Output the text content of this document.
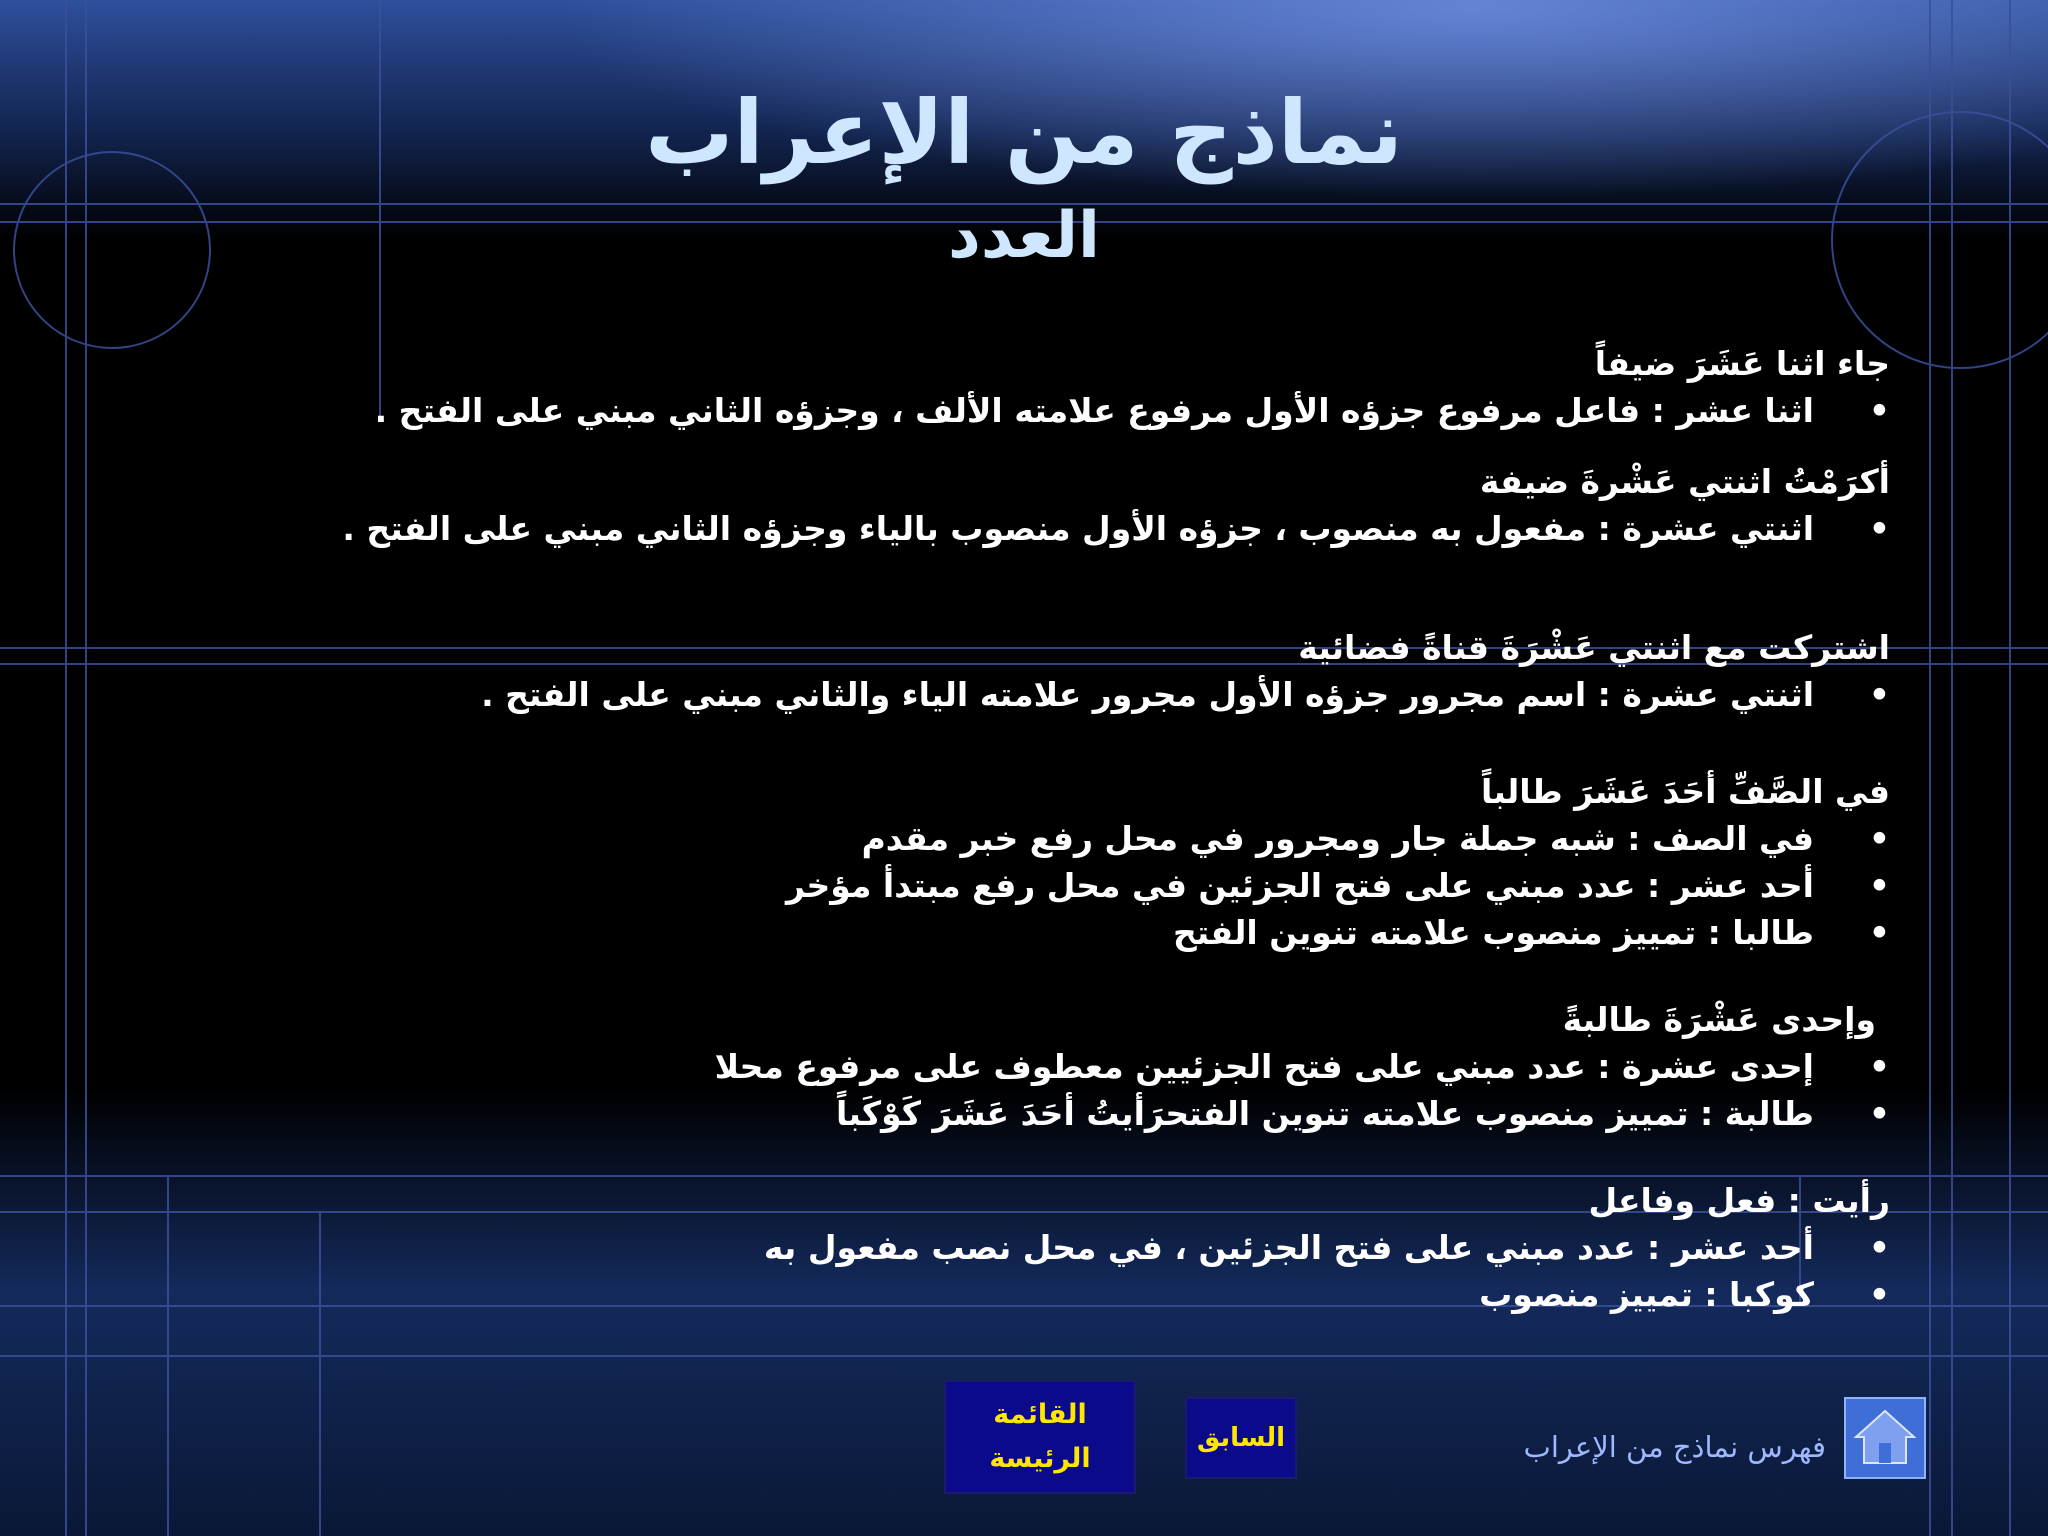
نماذج من الإعراب
العدد

جاء اثنا عَشَرَ ضيفاً

•
اثنا عشر : فاعل مرفوع جزؤه الأول مرفوع علامته الألف ، وجزؤه الثاني مبني على الفتح .

أكرَمْتُ اثنتي عَشْرةَ ضيفة

•
اثنتي عشرة : مفعول به منصوب ، جزؤه الأول منصوب بالياء وجزؤه الثاني مبني على الفتح .

اشتركت مع اثنتي عَشْرَةَ قناةً فضائية

•
اثنتي عشرة : اسم مجرور جزؤه الأول مجرور علامته الياء والثاني مبني على الفتح .

في الصَّفِّ أحَدَ عَشَرَ طالباً

•
في الصف : شبه جملة جار ومجرور في محل رفع خبر مقدم
•
أحد عشر : عدد مبني على فتح الجزئين في محل رفع مبتدأ مؤخر
•
طالبا : تمييز منصوب علامته تنوين الفتح

وإحدى عَشْرَةَ طالبةً

•
إحدى عشرة : عدد مبني على فتح الجزئيين معطوف على مرفوع محلا
•
طالبة : تمييز منصوب علامته تنوين الفتحرَأيتُ أحَدَ عَشَرَ كَوْكَباً

رأيت : فعل وفاعل

•
أحد عشر : عدد مبني على فتح الجزئين ، في محل نصب مفعول به
•
كوكبا : تمييز منصوب
القائمة
الرئيسة
السابق	فهرس نماذج من الإعراب
